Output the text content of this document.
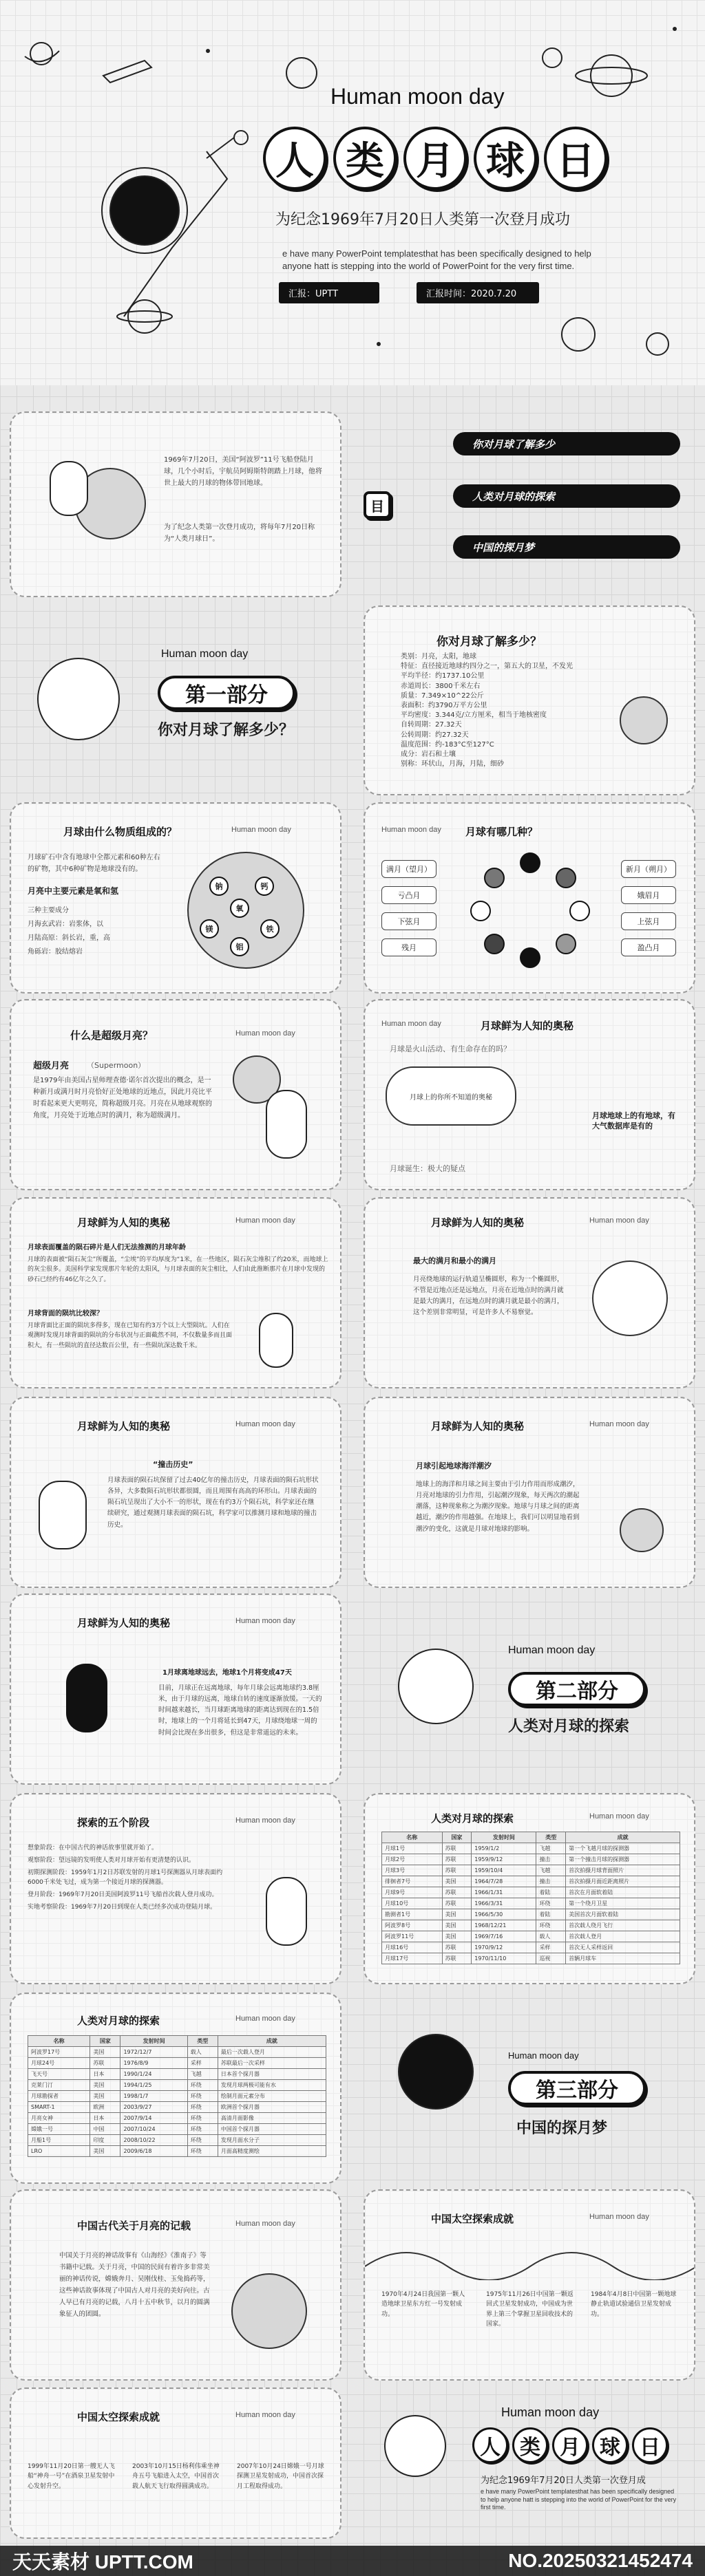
Human moon day
人 类 月 球 日
为纪念1969年7月20日人类第一次登月成功
e have many PowerPoint templatesthat has been specifically designed to help anyone hatt is stepping into the world of PowerPoint for the very first time.
汇报：UPTT	汇报时间：2020.7.20
1969年7月20日，美国“阿波罗”11号飞船登陆月球，几个小时后，宇航员阿姆斯特朗踏上月球，他将世上最大的月球的物体带回地球。
为了纪念人类第一次登月成功，将每年7月20日称为“人类月球日”。
目
你对月球了解多少
人类对月球的探索
中国的探月梦
Human moon day
第一部分
你对月球了解多少？
你对月球了解多少？
类别：月亮，太阳，地球
特征：直径接近地球约四分之一，第五大的卫星，不发光
平均半径：约1737.10公里
赤道周长：3800千米左右
质量：7.349×10^22公斤
表面积：约3790万平方公里
平均密度：3.344克/立方厘米，相当于地核密度
自转周期：27.32天
公转周期：约27.32天
温度范围：约-183°C至127°C
成分：岩石和土壤
别称：环状山，月海，月陆，细砂
月球由什么物质组成的？	Human moon day
月球矿石中含有地球中全都元素和60种左右的矿物，其中6种矿物是地球没有的。
月亮中主要元素是氧和氢
三种主要成分
月海玄武岩：岩浆体，以
月陆高原：斜长岩，重，高
角砾岩：胶结熔岩
钠	钙
氧
镁	铁
铝
月球有哪几种？
Human moon day
满月（望月）
亏凸月
下弦月
残月
新月（朔月）
娥眉月
上弦月
盈凸月
什么是超级月亮？	Human moon day
超级月亮 （Supermoon）
是1979年由美国占星师理查德·诺尔首次提出的概念，是一种新月或满月时月亮恰好正处地球的近地点，因此月亮比平时看起来更大更明亮，简称超级月亮。月亮在从地球观察的角度，月亮处于近地点时的满月，称为超级满月。
月球鲜为人知的奥秘
Human moon day
月球是火山活动、有生命存在的吗？
月球上的你所不知道的奥秘
月球地球上的有地球，有大气数据库是有的
月球诞生：极大的疑点
月球鲜为人知的奥秘	Human moon day
月球表面覆盖的陨石碎片是人们无法推测的月球年龄
月球的表面被“陨石灰尘”所覆盖，“尘埃”的平均厚度为“1米，在一些地区，陨石灰尘堆积了约20米，而地球上的灰尘很多。美国科学家发现那片年轮的太阳风，与月球表面的灰尘相比，人们由此推断那片在月球中发现的砂石已经约有46亿年之久了。
月球背面的陨坑比较深？
月球背面比正面的陨坑多得多，现在已知有约3万个以上大型陨坑。人们在观测时发现月球背面的陨坑的分布状况与正面截然不同，不仅数量多而且面积大，有一些陨坑的直径达数百公里，有一些陨坑深达数千米。
月球鲜为人知的奥秘	Human moon day
最大的满月和最小的满月
月亮绕地球的运行轨道呈椭圆形，称为一个椭圆形，不管是近地点还是远地点，月亮在近地点时的满月就是最大的满月，在远地点时的满月就是最小的满月，这个差别非常明显，可是许多人不易察觉。
月球鲜为人知的奥秘	Human moon day
“撞击历史”
月球表面的陨石坑保留了过去40亿年的撞击历史，月球表面的陨石坑形状各异，大多数陨石坑形状都很圆，而且周围有高高的环形山。月球表面的陨石坑呈现出了大小不一的形状，现在有约3万个陨石坑，科学家还在继续研究，通过观测月球表面的陨石坑，科学家可以推测月球和地球的撞击历史。
月球鲜为人知的奥秘	Human moon day
月球引起地球海洋潮汐
地球上的海洋和月球之间主要由于引力作用而形成潮汐，月亮对地球的引力作用，引起潮汐现象，每天两次的潮起潮落，这种现象称之为潮汐现象。地球与月球之间的距离越近，潮汐的作用越强。在地球上，我们可以明显地看到潮汐的变化，这就是月球对地球的影响。
月球鲜为人知的奥秘	Human moon day
1月球离地球远去，地球1个月将变成47天
目前，月球正在远离地球，每年月球会远离地球约3.8厘米，由于月球的远离，地球自转的速度逐渐放缓。一天的时间越来越长，当月球距离地球的距离达到现在的1.5倍时，地球上的一个月将延长到47天，月球绕地球一周的时间会比现在多出很多，但这是非常遥远的未来。
Human moon day
第二部分
人类对月球的探索
探索的五个阶段	Human moon day
想象阶段：在中国古代的神话故事里就开始了。
观察阶段：望远镜的发明使人类对月球开始有更清楚的认识。
初期探测阶段：1959年1月2日苏联发射的月球1号探测器从月球表面约6000千米处飞过，成为第一个接近月球的探测器。
登月阶段：1969年7月20日美国阿波罗11号飞船首次载人登月成功。
实地考察阶段：1969年7月20日到现在人类已经多次成功登陆月球。
人类对月球的探索	Human moon day
名称	国家	发射时间	类型	成就
月球1号	苏联	1959/1/2	飞越	第一个飞越月球的探测器
月球2号	苏联	1959/9/12	撞击	第一个撞击月球的探测器
月球3号	苏联	1959/10/4	飞越	首次拍摄月球背面照片
徘徊者7号	美国	1964/7/28	撞击	首次拍摄月面近距离照片
月球9号	苏联	1966/1/31	着陆	首次在月面软着陆
月球10号	苏联	1966/3/31	环绕	第一个绕月卫星
勘测者1号	美国	1966/5/30	着陆	美国首次月面软着陆
阿波罗8号	美国	1968/12/21	环绕	首次载人绕月飞行
阿波罗11号	美国	1969/7/16	载人	首次载人登月
月球16号	苏联	1970/9/12	采样	首次无人采样返回
月球17号	苏联	1970/11/10	巡视	首辆月球车
人类对月球的探索	Human moon day
名称	国家	发射时间	类型	成就
阿波罗17号	美国	1972/12/7	载人	最后一次载人登月
月球24号	苏联	1976/8/9	采样	苏联最后一次采样
飞天号	日本	1990/1/24	飞越	日本首个探月器
克莱门汀	美国	1994/1/25	环绕	发现月球两极可能有水
月球勘探者	美国	1998/1/7	环绕	绘制月面元素分布
SMART-1	欧洲	2003/9/27	环绕	欧洲首个探月器
月亮女神	日本	2007/9/14	环绕	高清月面影像
嫦娥一号	中国	2007/10/24	环绕	中国首个探月器
月船1号	印度	2008/10/22	环绕	发现月面水分子
LRO	美国	2009/6/18	环绕	月面高精度测绘
Human moon day
第三部分
中国的探月梦
中国古代关于月亮的记载	Human moon day
中国关于月亮的神话故事有《山海经》《淮南子》等书籍中记载。关于月亮，中国的民间有着许多非常美丽的神话传说，嫦娥奔月、吴刚伐桂、玉兔捣药等，这些神话故事体现了中国古人对月亮的美好向往。古人早已有月亮的记载，八月十五中秋节，以月的圆满象征人的团圆。
中国太空探索成就	Human moon day
1970年4月24日我国第一颗人造地球卫星东方红一号发射成功。
1975年11月26日中国第一颗返回式卫星发射成功，中国成为世界上第三个掌握卫星回收技术的国家。
1984年4月8日中国第一颗地球静止轨道试验通信卫星发射成功。
中国太空探索成就	Human moon day
1999年11月20日第一艘无人飞船“神舟一号”在酒泉卫星发射中心发射升空。
2003年10月15日杨利伟乘坐神舟五号飞船进入太空，中国首次载人航天飞行取得圆满成功。
2007年10月24日嫦娥一号月球探测卫星发射成功，中国首次探月工程取得成功。
Human moon day
人 类 月 球 日
为纪念1969年7月20日人类第一次登月成
e have many PowerPoint templatesthat has been specifically designed to help anyone hatt is stepping into the world of PowerPoint for the very first time.
天天素材 UPTT.COM	NO.20250321452474
